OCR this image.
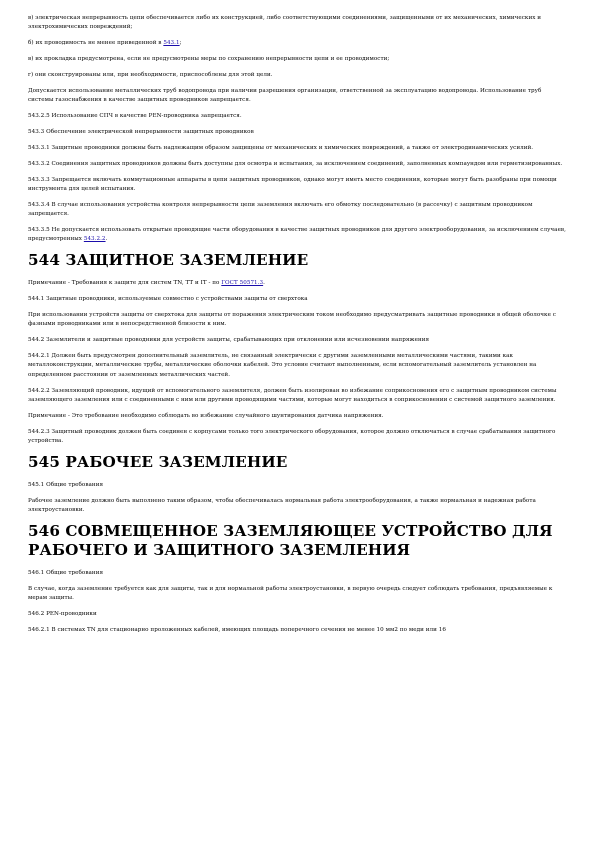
в) электрическая непрерывность цепи обеспечивается либо их конструкцией, либо соответствующими соединениями, защищенными от их механических, химических и электрохимических повреждений;

б) их проводимость не менее приведенной в 543.1;

в) их прокладка предусмотрена, если не предусмотрены меры по сохранению непрерывности цепи и ее проводимости;

г) они сконструированы или, при необходимости, приспособлены для этой цели.

Допускается использование металлических труб водопровода при наличии разрешения организации, ответственной за эксплуатацию водопровода. Использование труб системы газоснабжения в качестве защитных проводников запрещается.

543.2.5 Использование СПЧ в качестве PEN-проводника запрещается.

543.3 Обеспечение электрической непрерывности защитных проводников

543.3.1 Защитные проводники должны быть надлежащим образом защищены от механических и химических повреждений, а также от электродинамических усилий.

543.3.2 Соединения защитных проводников должны быть доступны для осмотра и испытания, за исключением соединений, заполненных компаундом или герметизированных.

543.3.3 Запрещается включать коммутационные аппараты в цепи защитных проводников, однако могут иметь место соединения, которые могут быть разобраны при помощи инструмента для целей испытания.

543.3.4 В случае использования устройства контроля непрерывности цепи заземления включать его обмотку последовательно (в рассечку) с защитным проводником запрещается.

543.3.5 Не допускается использовать открытые проводящие части оборудования в качестве защитных проводников для другого электрооборудования, за исключением случаев, предусмотренных 543.2.2.

544 ЗАЩИТНОЕ ЗАЗЕМЛЕНИЕ

Примечание - Требования к защите для систем TN, TT и IT - по ГОСТ 50571.3.

544.1 Защитные проводники, используемые совместно с устройствами защиты от сверхтока

При использовании устройств защиты от сверхтока для защиты от поражения электрическим током необходимо предусматривать защитные проводники в общей оболочке с фазными проводниками или в непосредственной близости к ним.

544.2 Заземлители и защитные проводники для устройств защиты, срабатывающих при отклонении или исчезновении напряжения

544.2.1 Должен быть предусмотрен дополнительный заземлитель, не связанный электрически с другими заземленными металлическими частями, такими как металлоконструкции, металлические трубы, металлические оболочки кабелей. Это условие считают выполненным, если вспомогательный заземлитель установлен на определенном расстоянии от заземленных металлических частей.

544.2.2 Заземляющий проводник, идущий от вспомогательного заземлителя, должен быть изолирован во избежание соприкосновения его с защитным проводником системы заземляющего заземления или с соединенными с ним или другими проводящими частями, которые могут находиться в соприкосновении с системой защитного заземления.

Примечание - Это требование необходимо соблюдать во избежание случайного шунтирования датчика напряжения.

544.2.3 Защитный проводник должен быть соединен с корпусами только того электрического оборудования, которое должно отключаться в случае срабатывания защитного устройства.

545 РАБОЧЕЕ ЗАЗЕМЛЕНИЕ

545.1 Общие требования

Рабочее заземление должно быть выполнено таким образом, чтобы обеспечивалась нормальная работа электрооборудования, а также нормальная и надежная работа электроустановки.

546 СОВМЕЩЕННОЕ ЗАЗЕМЛЯЮЩЕЕ УСТРОЙСТВО ДЛЯ РАБОЧЕГО И ЗАЩИТНОГО ЗАЗЕМЛЕНИЯ

546.1 Общие требования

В случае, когда заземление требуется как для защиты, так и для нормальной работы электроустановки, в первую очередь следует соблюдать требования, предъявляемые к мерам защиты.

546.2 PEN-проводники

546.2.1 В системах TN для стационарно проложенных кабелей, имеющих площадь поперечного сечения не менее 10 мм2 по меди или 16
